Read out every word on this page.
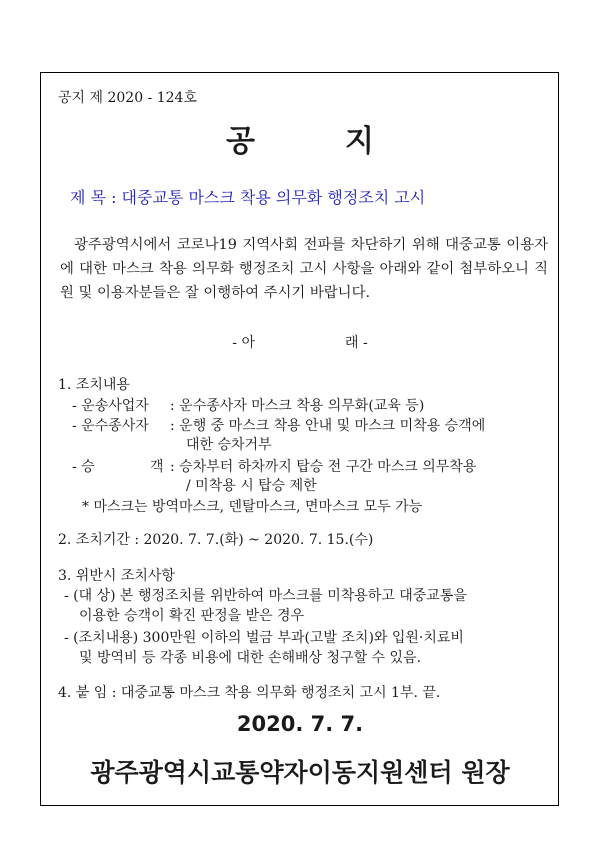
공지 제 2020 - 124호
공	지
제 목 : 대중교통 마스크 착용 의무화 행정조치 고시
광주광역시에서 코로나19 지역사회 전파를 차단하기 위해 대중교통 이용자에 대한 마스크 착용 의무화 행정조치 고시 사항을 아래와 같이 첨부하오니 직원 및 이용자분들은 잘 이행하여 주시기 바랍니다.
- 아	래 -
1. 조치내용
- 운송사업자 : 운수종사자 마스크 착용 의무화(교육 등)
- 운수종사자 : 운행 중 마스크 착용 안내 및 마스크 미착용 승객에
대한 승차거부
- 승	객 : 승차부터 하차까지 탑승 전 구간 마스크 의무착용
/ 미착용 시 탑승 제한
* 마스크는 방역마스크, 덴탈마스크, 면마스크 모두 가능
2. 조치기간 : 2020. 7. 7.(화) ~ 2020. 7. 15.(수)
3. 위반시 조치사항
- (대 상) 본 행정조치를 위반하여 마스크를 미착용하고 대중교통을
이용한 승객이 확진 판정을 받은 경우
- (조치내용) 300만원 이하의 벌금 부과(고발 조치)와 입원·치료비
및 방역비 등 각종 비용에 대한 손해배상 청구할 수 있음.
4. 붙 임 : 대중교통 마스크 착용 의무화 행정조치 고시 1부. 끝.
2020. 7. 7.
광주광역시교통약자이동지원센터 원장
